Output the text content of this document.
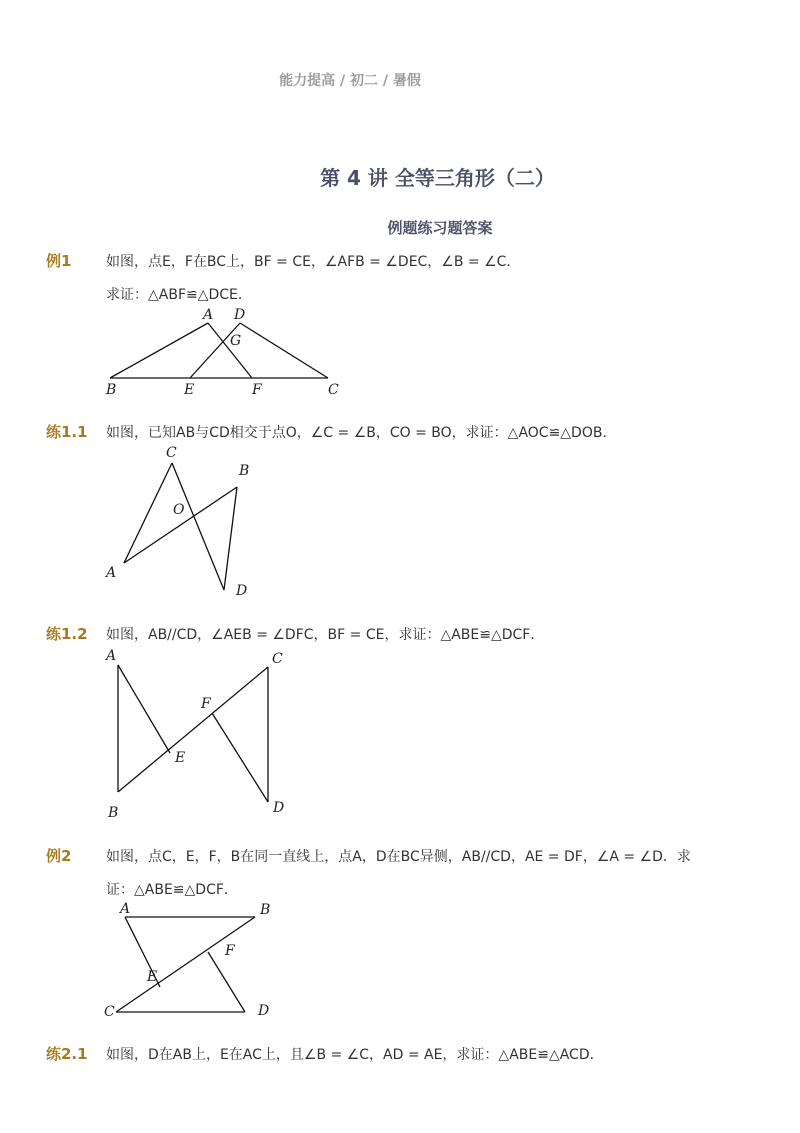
能力提高 / 初二 / 暑假
第 4 讲 全等三角形（二）
例题练习题答案
例1 如图，点E，F在BC上，BF = CE，∠AFB = ∠DEC，∠B = ∠C．
求证：△ABF≌△DCE．
A D
G
B	E	F	C
练1.1 如图，已知AB与CD相交于点O，∠C = ∠B，CO = BO，求证：△AOC≌△DOB．
C
B
O
A
D
练1.2 如图，AB//CD，∠AEB = ∠DFC，BF = CE，求证：△ABE≌△DCF．
A	C
F
E
B	D
例2 如图，点C，E，F，B在同一直线上，点A，D在BC异侧，AB//CD，AE = DF，∠A = ∠D．求
证：△ABE≌△DCF．
A	B
F
E
C	D
练2.1 如图，D在AB上，E在AC上，且∠B = ∠C，AD = AE，求证：△ABE≌△ACD．
